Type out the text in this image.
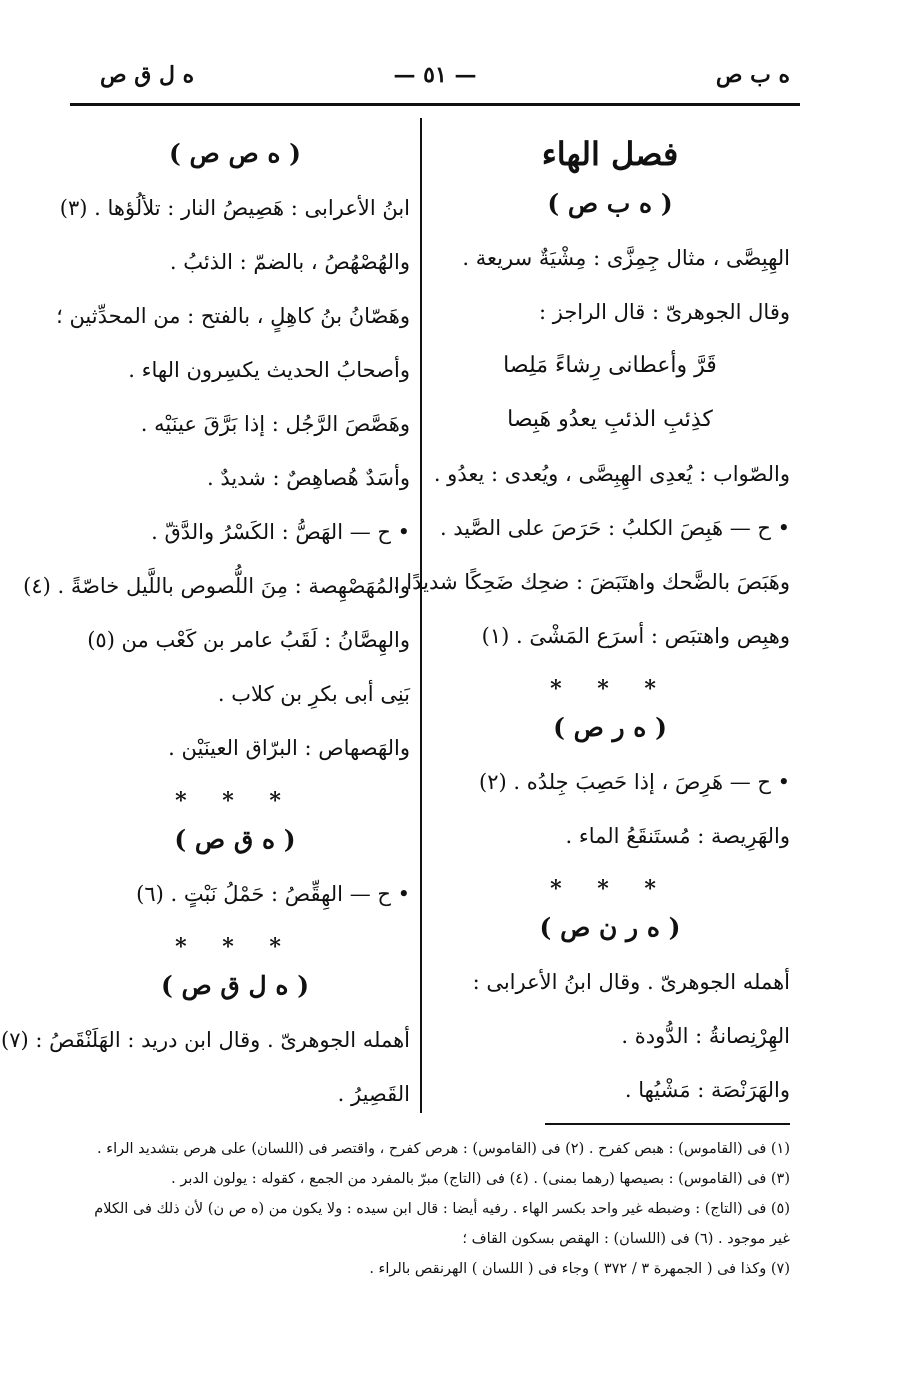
ه ب ص
— ٥١ —
ه ل ق ص
فصل الهاء
( ه ب ص )
الهِبِصَّى ، مثال جِمِزَّى : مِشْيَةٌ سريعة .
وقال الجوهرىّ : قال الراجز :
قَرَّ وأعطانى رِشاءً مَلِصا
كذِئبِ الذئبِ يعدُو هَبِصا
والصّواب : يُعدِى الهِبِصَّى ، ويُعدى : يعدُو .
• ح — هَبِصَ الكلبُ : حَرَصَ على الصَّيد .
وهَبَصَ بالضَّحك واهتَبَضَ : ضحِك ضَحِكًا شديدًا .
وهبِص واهتبَص : أسرَع المَشْىَ . (١)
* * *
( ه ر ص )
• ح — هَرِصَ ، إذا حَصِبَ جِلدُه . (٢)
والهَرِيصة : مُستَنقَعُ الماء .
* * *
( ه ر ن ص )
أهمله الجوهرىّ . وقال ابنُ الأعرابى :
الهِرْنِصانةُ : الدُّودة .
والهَرَنْصَة : مَشْيُها .
( ه ص ص )
ابنُ الأعرابى : هَصِيصُ النار : تلألُؤها . (٣)
والهُصْهُصُ ، بالضمّ : الذئبُ .
وهَصّانُ بنُ كاهِلٍ ، بالفتح : من المحدِّثين ؛
وأصحابُ الحديث يكسِرون الهاء .
وهَصَّصَ الرَّجُل : إذا بَرَّقَ عينَيْه .
وأسَدٌ هُصاهِصٌ : شديدٌ .
• ح — الهَصُّ : الكَسْرُ والدَّقّ .
والمُهَصْهِصة : مِنَ اللُّصوص باللَّيل خاصّةً . (٤)
والهِصَّانُ : لَقَبُ عامر بن كَعْب من (٥)
بَنِى أبى بكرِ بن كلاب .
والهَصهاص : البرّاق العينَيْن .
* * *
( ه ق ص )
• ح — الهِقِّصُ : حَمْلُ نَبْتٍ . (٦)
* * *
( ه ل ق ص )
أهمله الجوهرىّ . وقال ابن دريد : الهَلَنْقَصُ : (٧)
القَصِيرُ .
(١) فى (القاموس) : هبص كفرح . (٢) فى (القاموس) : هرص كفرح ، واقتصر فى (اللسان) على هرص بتشديد الراء .
(٣) فى (القاموس) : بصيصها (رهما بمنى) . (٤) فى (التاج) مبرّ بالمفرد من الجمع ، كقوله : يولون الدبر .
(٥) فى (التاج) : وضبطه غير واحد بكسر الهاء . رفيه أيضا : قال ابن سيده : ولا يكون من (ه ص ن) لأن ذلك فى الكلام
غير موجود . (٦) فى (اللسان) : الهقص بسكون القاف ؛
(٧) وكذا فى ( الجمهرة ٣ / ٣٧٢ ) وجاء فى ( اللسان ) الهرنقص بالراء .
